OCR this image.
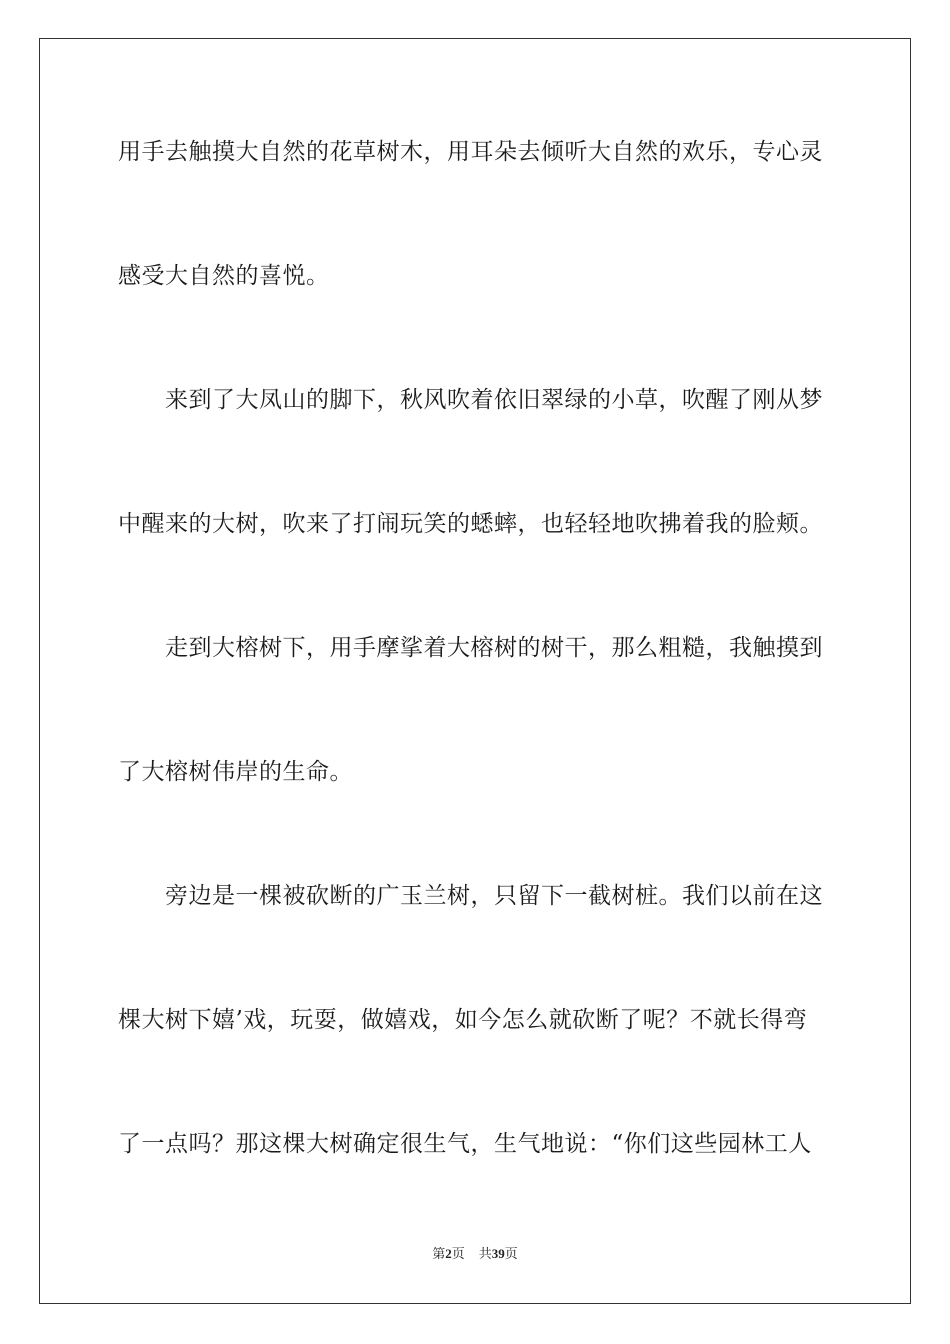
用手去触摸大自然的花草树木，用耳朵去倾听大自然的欢乐，专心灵
感受大自然的喜悦。
来到了大凤山的脚下，秋风吹着依旧翠绿的小草，吹醒了刚从梦
中醒来的大树，吹来了打闹玩笑的蟋蟀，也轻轻地吹拂着我的脸颊。
走到大榕树下，用手摩挲着大榕树的树干，那么粗糙，我触摸到
了大榕树伟岸的生命。
旁边是一棵被砍断的广玉兰树，只留下一截树桩。我们以前在这
棵大树下嬉’戏，玩耍，做嬉戏，如今怎么就砍断了呢？不就长得弯
了一点吗？那这棵大树确定很生气，生气地说：“你们这些园林工人
第2页 共39页
